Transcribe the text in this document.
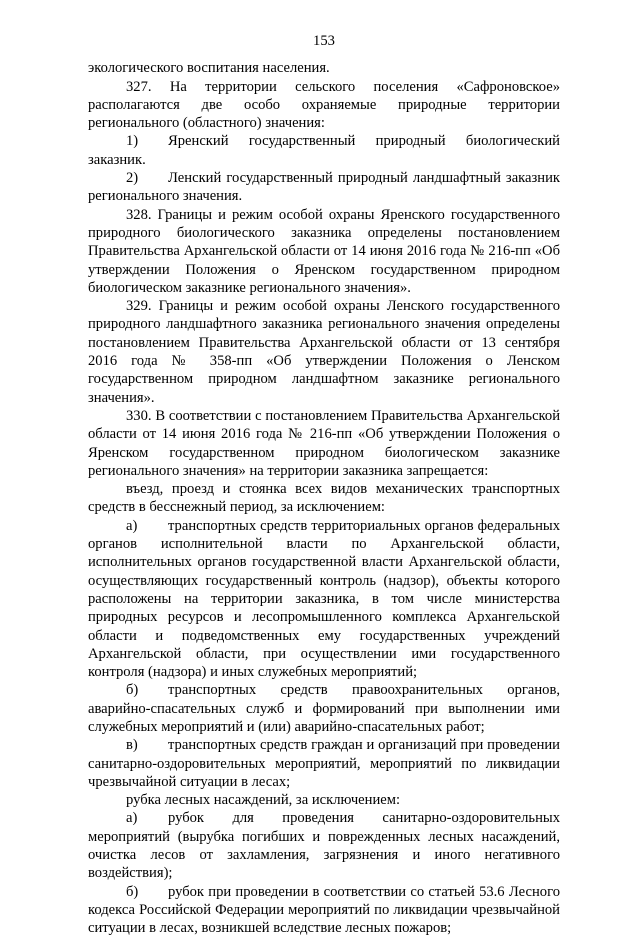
153

экологического воспитания населения.

327. На территории сельского поселения «Сафроновское» располагаются две особо охраняемые природные территории регионального (областного) значения:

1) Яренский государственный природный биологический заказник.

2) Ленский государственный природный ландшафтный заказник регионального значения.

328. Границы и режим особой охраны Яренского государственного природного биологического заказника определены постановлением Правительства Архангельской области от 14 июня 2016 года № 216-пп «Об утверждении Положения о Яренском государственном природном биологическом заказнике регионального значения».

329. Границы и режим особой охраны Ленского государственного природного ландшафтного заказника регионального значения определены постановлением Правительства Архангельской области от 13 сентября 2016 года № 358-пп «Об утверждении Положения о Ленском государственном природном ландшафтном заказнике регионального значения».

330. В соответствии с постановлением Правительства Архангельской области от 14 июня 2016 года № 216-пп «Об утверждении Положения о Яренском государственном природном биологическом заказнике регионального значения» на территории заказника запрещается:

въезд, проезд и стоянка всех видов механических транспортных средств в бесснежный период, за исключением:

а) транспортных средств территориальных органов федеральных органов исполнительной власти по Архангельской области, исполнительных органов государственной власти Архангельской области, осуществляющих государственный контроль (надзор), объекты которого расположены на территории заказника, в том числе министерства природных ресурсов и лесопромышленного комплекса Архангельской области и подведомственных ему государственных учреждений Архангельской области, при осуществлении ими государственного контроля (надзора) и иных служебных мероприятий;

б) транспортных средств правоохранительных органов, аварийно-спасательных служб и формирований при выполнении ими служебных мероприятий и (или) аварийно-спасательных работ;

в) транспортных средств граждан и организаций при проведении санитарно-оздоровительных мероприятий, мероприятий по ликвидации чрезвычайной ситуации в лесах;

рубка лесных насаждений, за исключением:

а) рубок для проведения санитарно-оздоровительных мероприятий (вырубка погибших и поврежденных лесных насаждений, очистка лесов от захламления, загрязнения и иного негативного воздействия);

б) рубок при проведении в соответствии со статьей 53.6 Лесного кодекса Российской Федерации мероприятий по ликвидации чрезвычайной ситуации в лесах, возникшей вследствие лесных пожаров;
